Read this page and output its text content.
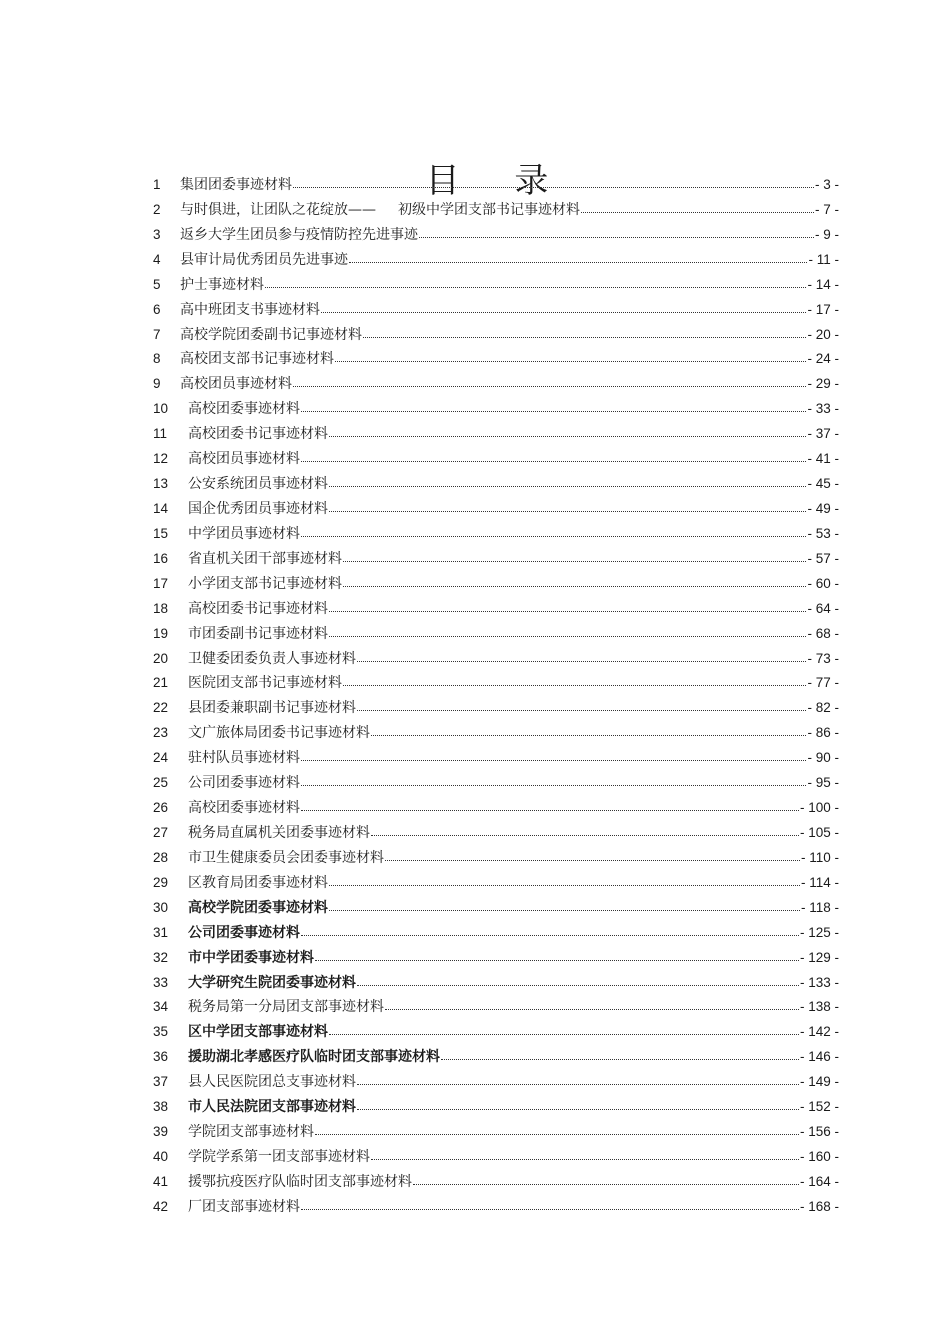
目 录
1	集团团委事迹材料	- 3 -
2	与时俱进，让团队之花绽放—— 初级中学团支部书记事迹材料	- 7 -
3	返乡大学生团员参与疫情防控先进事迹	- 9 -
4	县审计局优秀团员先进事迹	- 11 -
5	护士事迹材料	- 14 -
6	高中班团支书事迹材料	- 17 -
7	高校学院团委副书记事迹材料	- 20 -
8	高校团支部书记事迹材料	- 24 -
9	高校团员事迹材料	- 29 -
10	高校团委事迹材料	- 33 -
11	高校团委书记事迹材料	- 37 -
12	高校团员事迹材料	- 41 -
13	公安系统团员事迹材料	- 45 -
14	国企优秀团员事迹材料	- 49 -
15	中学团员事迹材料	- 53 -
16	省直机关团干部事迹材料	- 57 -
17	小学团支部书记事迹材料	- 60 -
18	高校团委书记事迹材料	- 64 -
19	市团委副书记事迹材料	- 68 -
20	卫健委团委负责人事迹材料	- 73 -
21	医院团支部书记事迹材料	- 77 -
22	县团委兼职副书记事迹材料	- 82 -
23	文广旅体局团委书记事迹材料	- 86 -
24	驻村队员事迹材料	- 90 -
25	公司团委事迹材料	- 95 -
26	高校团委事迹材料	- 100 -
27	税务局直属机关团委事迹材料	- 105 -
28	市卫生健康委员会团委事迹材料	- 110 -
29	区教育局团委事迹材料	- 114 -
30	高校学院团委事迹材料	- 118 -
31	公司团委事迹材料	- 125 -
32	市中学团委事迹材料	- 129 -
33	大学研究生院团委事迹材料	- 133 -
34	税务局第一分局团支部事迹材料	- 138 -
35	区中学团支部事迹材料	- 142 -
36	援助湖北孝感医疗队临时团支部事迹材料	- 146 -
37	县人民医院团总支事迹材料	- 149 -
38	市人民法院团支部事迹材料	- 152 -
39	学院团支部事迹材料	- 156 -
40	学院学系第一团支部事迹材料	- 160 -
41	援鄂抗疫医疗队临时团支部事迹材料	- 164 -
42	厂团支部事迹材料	- 168 -
